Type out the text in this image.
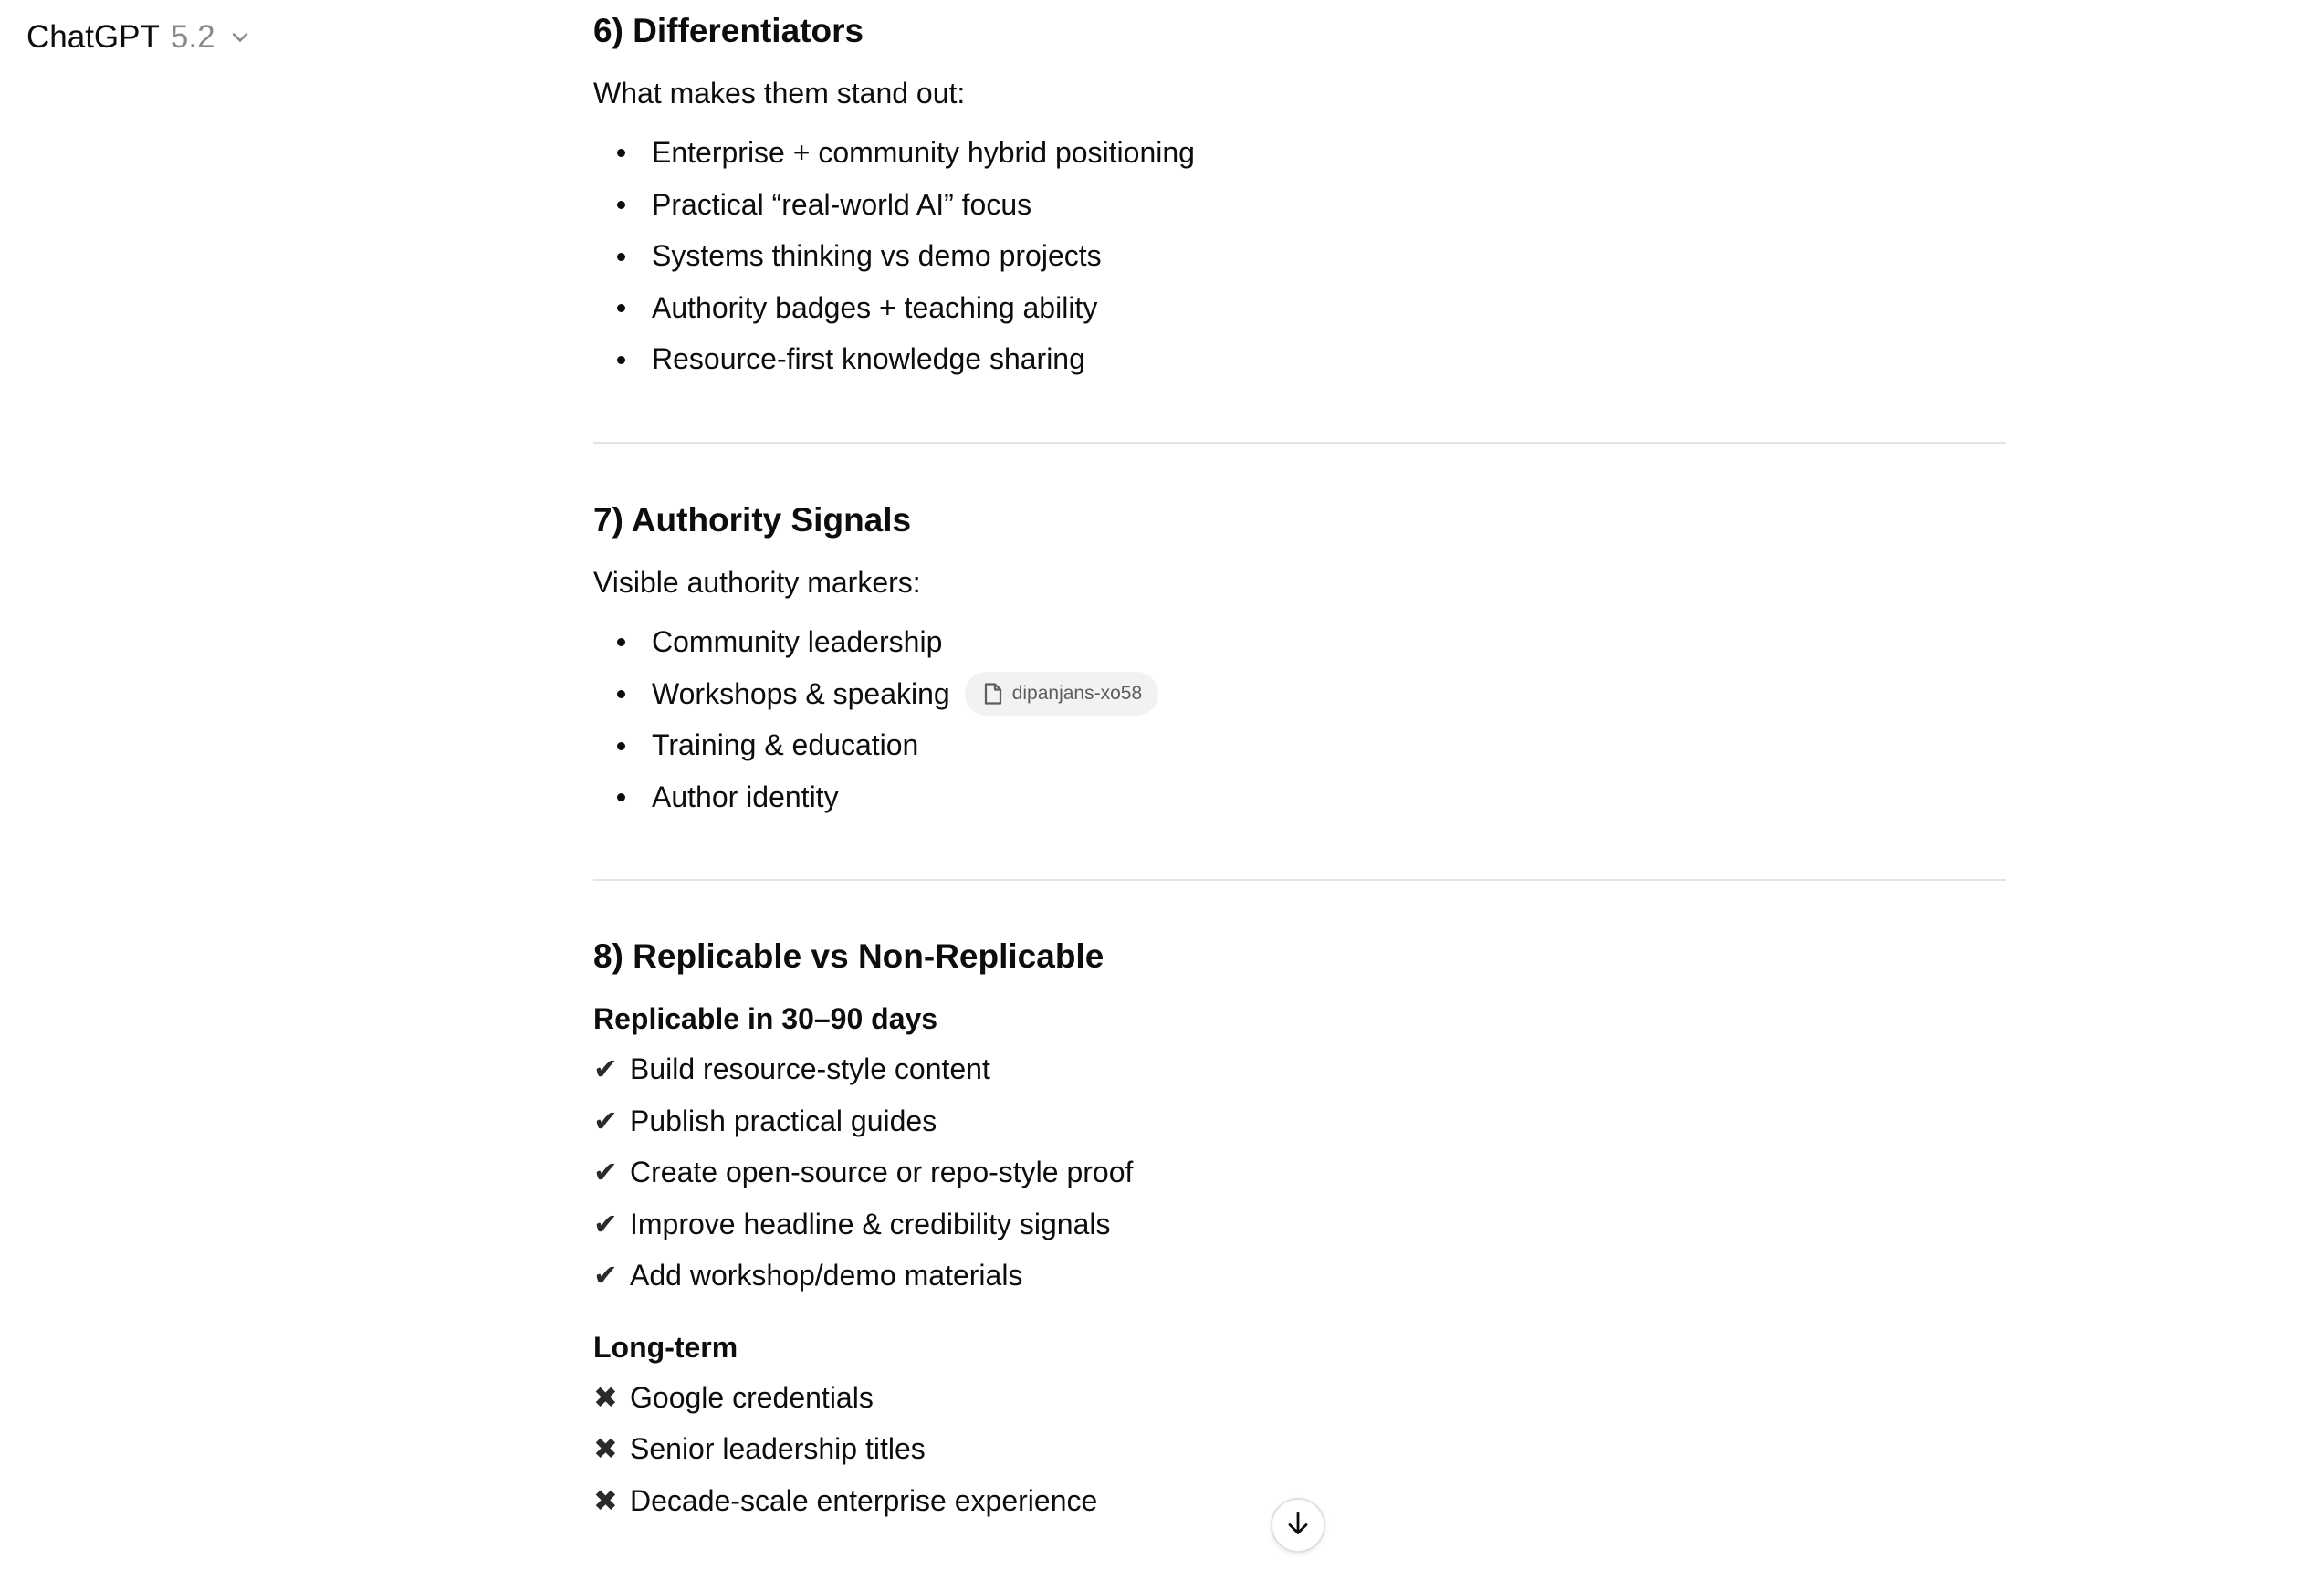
ChatGPT 5.2	6) Differentiators

What makes them stand out:

Enterprise + community hybrid positioning
Practical “real-world AI” focus
Systems thinking vs demo projects
Authority badges + teaching ability
Resource-first knowledge sharing
7) Authority Signals

Visible authority markers:

Community leadership
Workshops & speaking	dipanjans-xo58
Training & education
Author identity
8) Replicable vs Non-Replicable

Replicable in 30–90 days

✔ Build resource-style content
✔ Publish practical guides
✔ Create open-source or repo-style proof
✔ Improve headline & credibility signals
✔ Add workshop/demo materials

Long-term

✖ Google credentials
✖ Senior leadership titles
✖ Decade-scale enterprise experience
